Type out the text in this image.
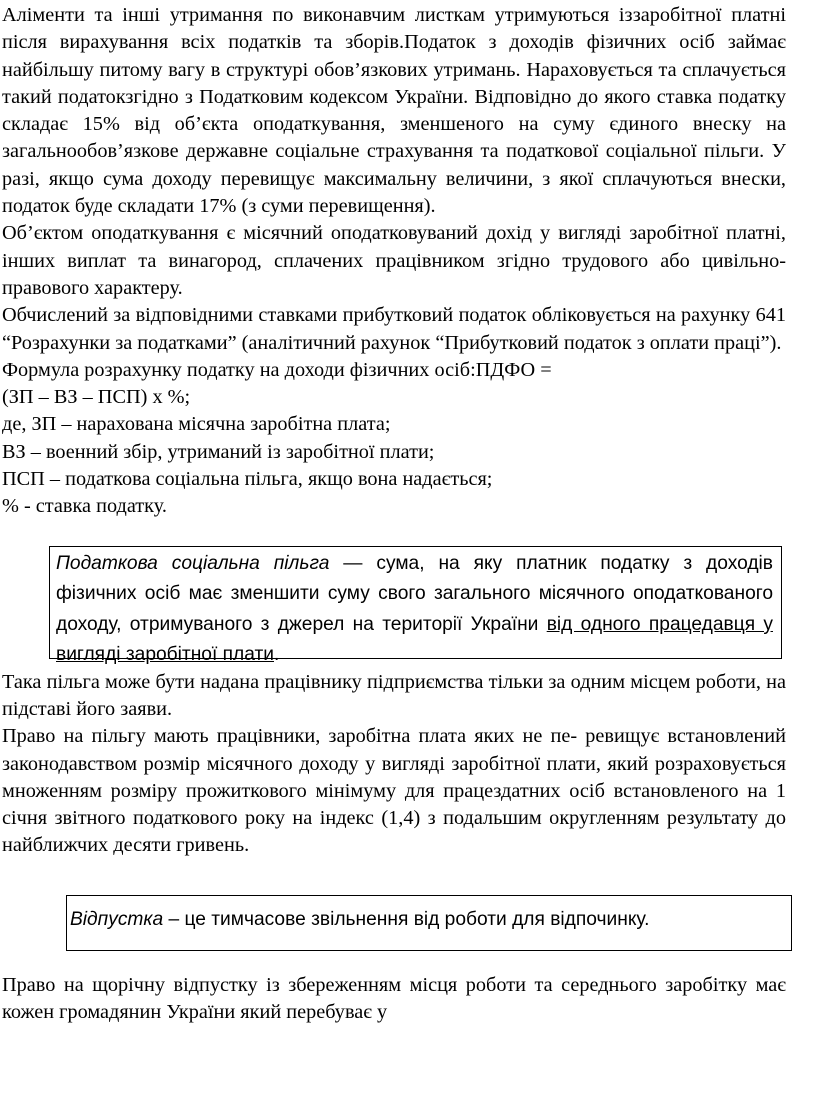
Аліменти та інші утримання по виконавчим листкам утримуються іззаробітної платні після вирахування всіх податків та зборів.Податок з доходів фізичних осіб займає найбільшу питому вагу в структурі обов’язкових утримань. Нараховується та сплачується такий податокзгідно з Податковим кодексом України. Відповідно до якого ставка податку складає 15% від об’єкта оподаткування, зменшеного на суму єдиного внеску на загальнообов’язкове державне соціальне страхування та податкової соціальної пільги. У разі, якщо сума доходу перевищує максимальну величини, з якої сплачуються внески, податок буде складати 17% (з суми перевищення).

Об’єктом оподаткування є місячний оподатковуваний дохід у вигляді заробітної платні, інших виплат та винагород, сплачених працівником згідно трудового або цивільно-правового характеру.

Обчислений за відповідними ставками прибутковий податок обліковується на рахунку 641 “Розрахунки за податками” (аналітичний рахунок “Прибутковий податок з оплати праці”).

Формула розрахунку податку на доходи фізичних осіб:ПДФО =

(ЗП – ВЗ – ПСП) х %;

де, ЗП – нарахована місячна заробітна плата;

ВЗ – военний збір, утриманий із заробітної плати;

ПСП – податкова соціальна пільга, якщо вона надається;

% - ставка податку.

Податкова соціальна пільга — сума, на яку платник податку з доходів фізичних осіб має зменшити суму свого загального місячного оподаткованого доходу, отримуваного з джерел на території України від одного працедавця у вигляді заробітної плати.

Така пільга може бути надана працівнику підприємства тільки за одним місцем роботи, на підставі його заяви.

Право на пільгу мають працівники, заробітна плата яких не пе- ревищує встановлений законодавством розмір місячного доходу у вигляді заробітної плати, який розраховується множенням розміру прожиткового мінімуму для працездатних осіб встановленого на 1 січня звітного податкового року на індекс (1,4) з подальшим округленням результату до найближчих десяти гривень.

Відпустка – це тимчасове звільнення від роботи для відпочинку.

Право на щорічну відпустку із збереженням місця роботи та середнього заробітку має кожен громадянин України який перебуває у
